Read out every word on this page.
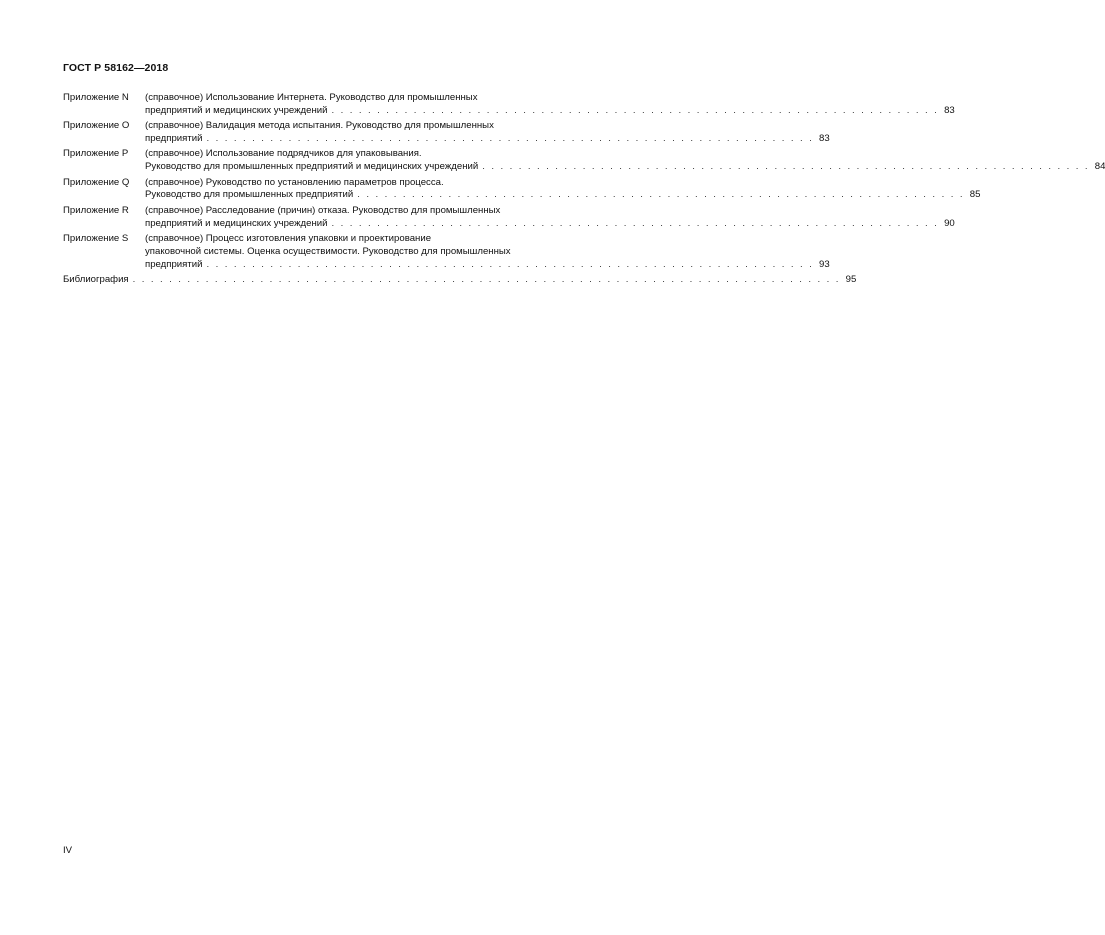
ГОСТ Р 58162—2018
Приложение N	(справочное) Использование Интернета. Руководство для промышленных
предприятий и медицинских учреждений . . . . . . . . . . . . . . . . . . . . . . . . . . . . . . . . . . . . . . . . . . . . . . . . . . . . . . . . . . . . . . . . . . . 83
Приложение O	(справочное) Валидация метода испытания. Руководство для промышленных
предприятий . . . . . . . . . . . . . . . . . . . . . . . . . . . . . . . . . . . . . . . . . . . . . . . . . . . . . . . . . . . . . . . . . . . 83
Приложение P	(справочное) Использование подрядчиков для упаковывания.
Руководство для промышленных предприятий и медицинских учреждений . . . . . . . . . . . . . . . . . . . . . . . . . . . . . . . . . . . . . . . . . . . . . . . . . . . . . . . . . . . . . . . . . . . 84
Приложение Q	(справочное) Руководство по установлению параметров процесса.
Руководство для промышленных предприятий . . . . . . . . . . . . . . . . . . . . . . . . . . . . . . . . . . . . . . . . . . . . . . . . . . . . . . . . . . . . . . . . . . . 85
Приложение R	(справочное) Расследование (причин) отказа. Руководство для промышленных
предприятий и медицинских учреждений . . . . . . . . . . . . . . . . . . . . . . . . . . . . . . . . . . . . . . . . . . . . . . . . . . . . . . . . . . . . . . . . . . . 90
Приложение S	(справочное) Процесс изготовления упаковки и проектирование
упаковочной системы. Оценка осуществимости. Руководство для промышленных
предприятий . . . . . . . . . . . . . . . . . . . . . . . . . . . . . . . . . . . . . . . . . . . . . . . . . . . . . . . . . . . . . . . . . . . 93
Библиография . . . . . . . . . . . . . . . . . . . . . . . . . . . . . . . . . . . . . . . . . . . . . . . . . . . . . . . . . . . . . . . . . . . . . . . . . . . . . . 95
IV
